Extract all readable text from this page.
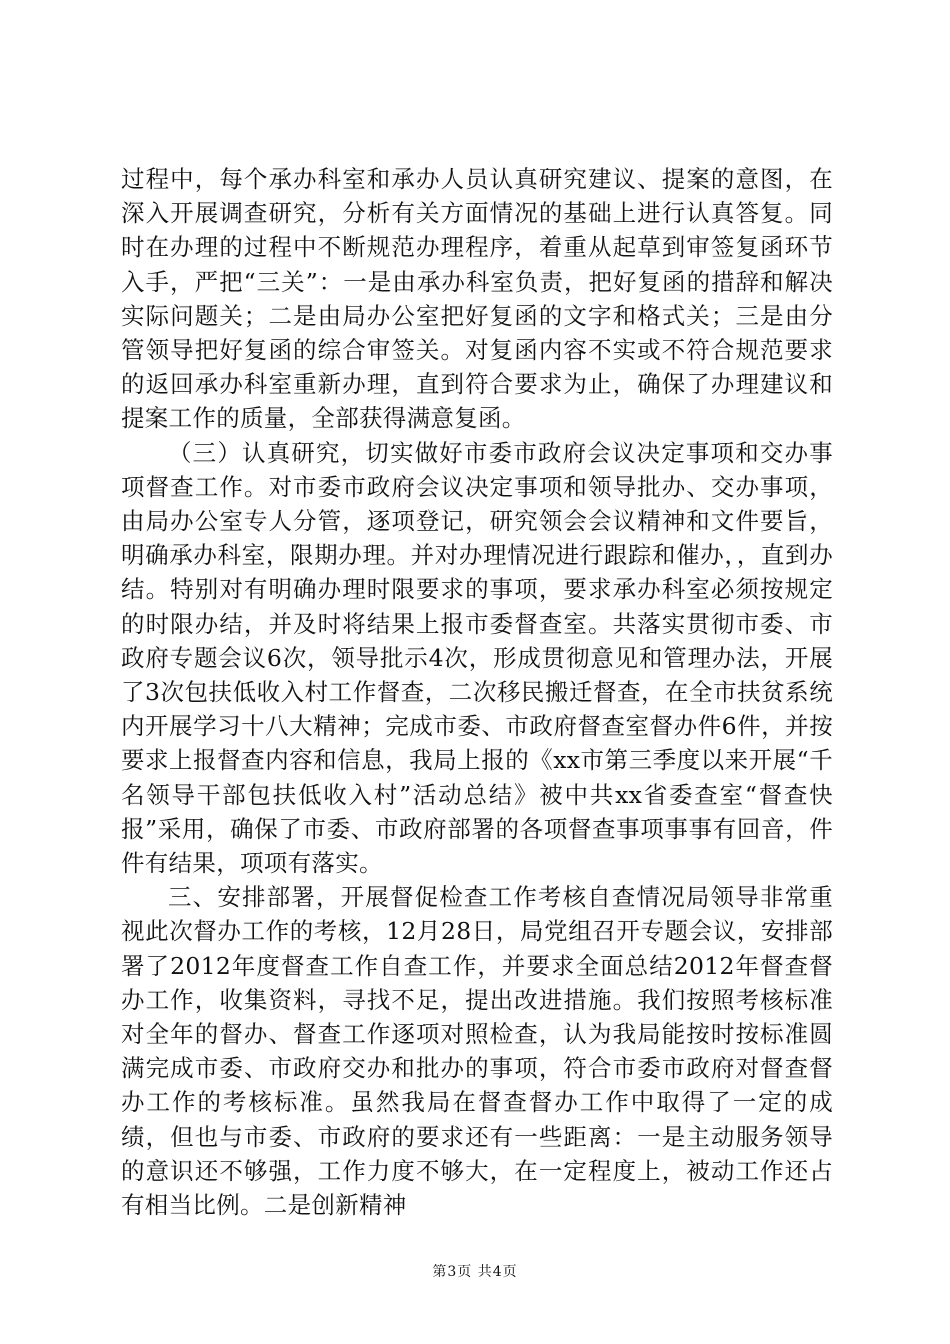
过程中，每个承办科室和承办人员认真研究建议、提案的意图，在深入开展调查研究，分析有关方面情况的基础上进行认真答复。同时在办理的过程中不断规范办理程序，着重从起草到审签复函环节入手，严把“三关”：一是由承办科室负责，把好复函的措辞和解决实际问题关；二是由局办公室把好复函的文字和格式关；三是由分管领导把好复函的综合审签关。对复函内容不实或不符合规范要求的返回承办科室重新办理，直到符合要求为止，确保了办理建议和提案工作的质量，全部获得满意复函。

（三）认真研究，切实做好市委市政府会议决定事项和交办事项督查工作。对市委市政府会议决定事项和领导批办、交办事项，由局办公室专人分管，逐项登记，研究领会会议精神和文件要旨，明确承办科室，限期办理。并对办理情况进行跟踪和催办，，直到办结。特别对有明确办理时限要求的事项，要求承办科室必须按规定的时限办结，并及时将结果上报市委督查室。共落实贯彻市委、市政府专题会议6次，领导批示4次，形成贯彻意见和管理办法，开展了3次包扶低收入村工作督查，二次移民搬迁督查，在全市扶贫系统内开展学习十八大精神；完成市委、市政府督查室督办件6件，并按要求上报督查内容和信息，我局上报的《xx市第三季度以来开展“千名领导干部包扶低收入村”活动总结》被中共xx省委查室“督查快报”采用，确保了市委、市政府部署的各项督查事项事事有回音，件件有结果，项项有落实。

三、安排部署，开展督促检查工作考核自查情况局领导非常重视此次督办工作的考核，12月28日，局党组召开专题会议，安排部署了2012年度督查工作自查工作，并要求全面总结2012年督查督办工作，收集资料，寻找不足，提出改进措施。我们按照考核标准对全年的督办、督查工作逐项对照检查，认为我局能按时按标准圆满完成市委、市政府交办和批办的事项，符合市委市政府对督查督办工作的考核标准。虽然我局在督查督办工作中取得了一定的成绩，但也与市委、市政府的要求还有一些距离：一是主动服务领导的意识还不够强，工作力度不够大，在一定程度上，被动工作还占有相当比例。二是创新精神

第3页 共4页
